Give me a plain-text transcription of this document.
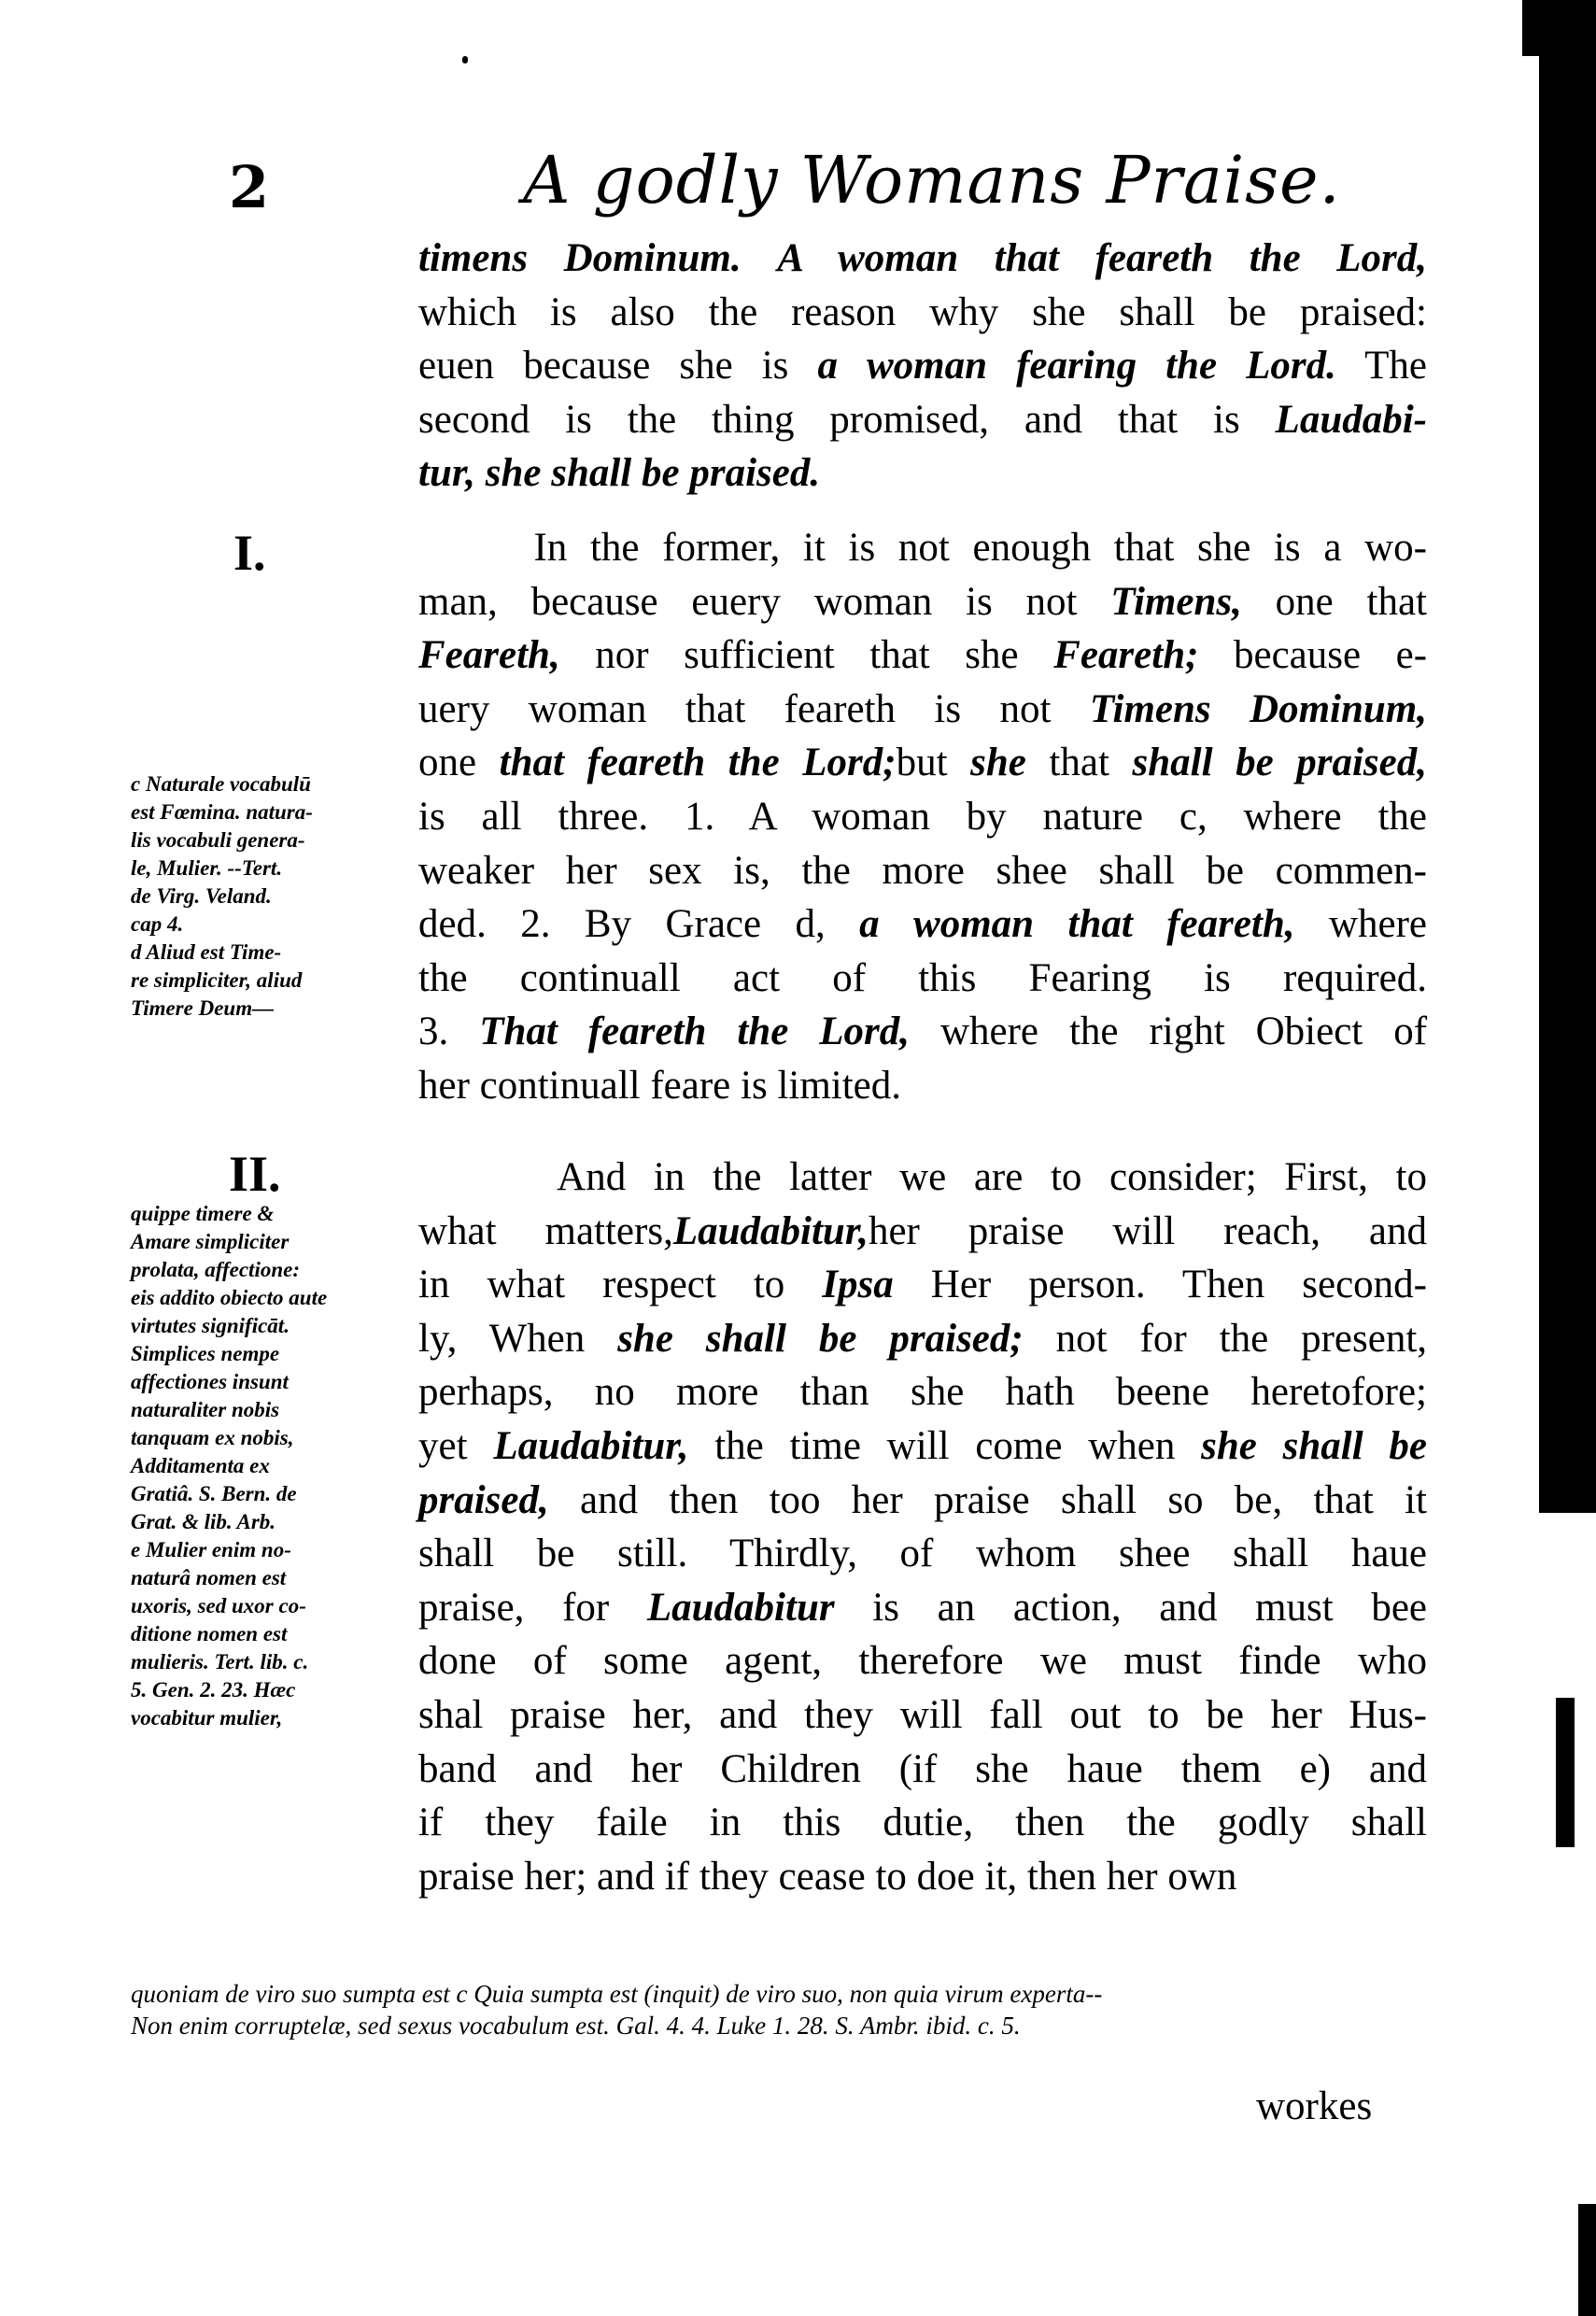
2	A godly Womans Praise.
timens Dominum. A woman that feareth the Lord,
which is also the reason why she shall be praised:
euen because she is a woman fearing the Lord. The
second is the thing promised, and that is Laudabi-
tur, she shall be praised.
I.	In the former, it is not enough that she is a wo-
man, because euery woman is not Timens, one that
Feareth, nor sufficient that she Feareth; because e-
uery woman that feareth is not Timens Dominum,
one that feareth the Lord;but she that shall be praised,
is all three. 1. A woman by nature c, where the
weaker her sex is, the more shee shall be commen-
ded. 2. By Grace d, a woman that feareth, where
the continuall act of this Fearing is required.
3. That feareth the Lord, where the right Obiect of
her continuall feare is limited.
c Naturale vocabulū
est Fœmina. natura-
lis vocabuli genera-
le, Mulier. --Tert.
de Virg. Veland.
cap 4.
d Aliud est Time-
re simpliciter, aliud
Timere Deum—
II.	And in the latter we are to consider; First, to
what matters,Laudabitur,her praise will reach, and
in what respect to Ipsa Her person. Then second-
ly, When she shall be praised; not for the present,
perhaps, no more than she hath beene heretofore;
yet Laudabitur, the time will come when she shall be
praised, and then too her praise shall so be, that it
shall be still. Thirdly, of whom shee shall haue
praise, for Laudabitur is an action, and must bee
done of some agent, therefore we must finde who
shal praise her, and they will fall out to be her Hus-
band and her Children (if she haue them e) and
if they faile in this dutie, then the godly shall
praise her; and if they cease to doe it, then her own
quippe timere &
Amare simpliciter
prolata, affectione:
eis addito obiecto aute
virtutes significāt.
Simplices nempe
affectiones insunt
naturaliter nobis
tanquam ex nobis,
Additamenta ex
Gratiâ. S. Bern. de
Grat. & lib. Arb.
e Mulier enim no-
naturâ nomen est
uxoris, sed uxor co-
ditione nomen est
mulieris. Tert. lib. c.
5. Gen. 2. 23. Hæc
vocabitur mulier,
quoniam de viro suo sumpta est c Quia sumpta est (inquit) de viro suo, non quia virum experta--
Non enim corruptelæ, sed sexus vocabulum est. Gal. 4. 4. Luke 1. 28. S. Ambr. ibid. c. 5.
workes
